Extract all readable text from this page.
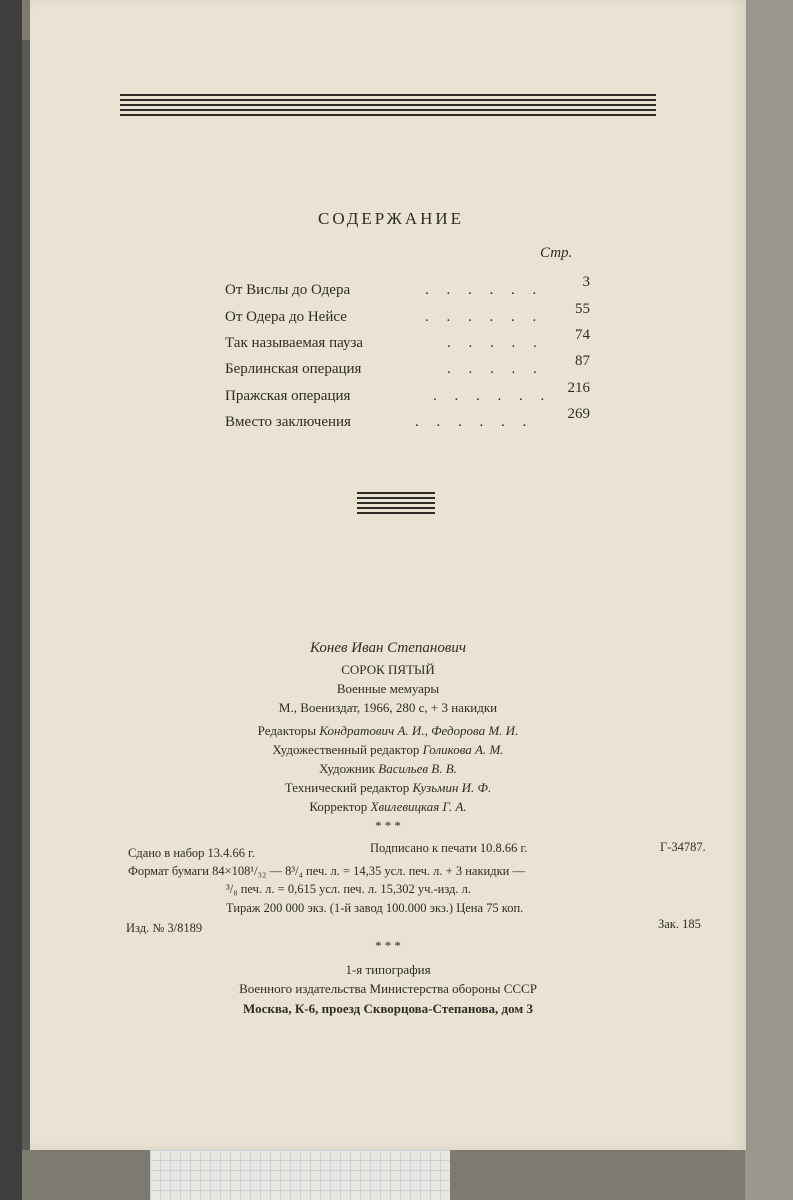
СОДЕРЖАНИЕ
Стр.
От Вислы до Одера	. . . . . .	3
От Одера до Нейсе	. . . . . . 55
Так называемая пауза	. . . . . 74
Берлинская операция	. . . . . 87
Пражская операция	. . . . . . 216
Вместо заключения	. . . . . . 269
Конев Иван Степанович
СОРОК ПЯТЫЙ
Военные мемуары
М., Воениздат, 1966, 280 с, + 3 накидки
Редакторы Кондратович А. И., Федорова М. И.
Художественный редактор Голикова А. М.
Художник Васильев В. В.
Технический редактор Кузьмин И. Ф.
Корректор Хвилевицкая Г. А.
* * *
Сдано в набор 13.4.66 г.	Подписано к печати 10.8.66 г.	Г-34787.
Формат бумаги 84×108¹/₃₂ — 8³/₄ печ. л. = 14,35 усл. печ. л. + 3 накидки —
³/₈ печ. л. = 0,615 усл. печ. л. 15,302 уч.-изд. л.
Тираж 200 000 экз. (1-й завод 100.000 экз.) Цена 75 коп.
Изд. № 3/8189	Зак. 185
* * *
1-я типография
Военного издательства Министерства обороны СССР
Москва, К-6, проезд Скворцова-Степанова, дом 3
